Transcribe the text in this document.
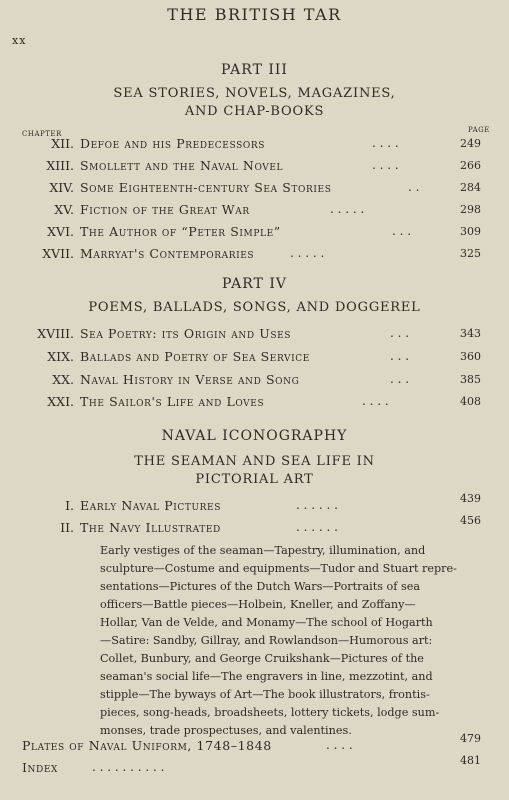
THE BRITISH TAR
xx
PART III
SEA STORIES, NOVELS, MAGAZINES,
AND CHAP-BOOKS
CHAPTER	PAGE
XII. Defoe and his Predecessors	. . . .	249
XIII. Smollett and the Naval Novel	. . . .	266
XIV. Some Eighteenth-century Sea Stories	. .	284
XV. Fiction of the Great War	. . . . .	298
XVI. The Author of “Peter Simple”	. . .	309
XVII. Marryat's Contemporaries	. . . . .	325
PART IV
POEMS, BALLADS, SONGS, AND DOGGEREL
XVIII. Sea Poetry: its Origin and Uses	. . .	343
XIX. Ballads and Poetry of Sea Service	. . .	360
XX. Naval History in Verse and Song	. . .	385
XXI. The Sailor's Life and Loves	. . . .	408
NAVAL ICONOGRAPHY
THE SEAMAN AND SEA LIFE IN
PICTORIAL ART
I. Early Naval Pictures	. . . . . .	439
II. The Navy Illustrated	. . . . . .	456
Early vestiges of the seaman—Tapestry, illumination, and
sculpture—Costume and equipments—Tudor and Stuart repre-
sentations—Pictures of the Dutch Wars—Portraits of sea
officers—Battle pieces—Holbein, Kneller, and Zoffany—
Hollar, Van de Velde, and Monamy—The school of Hogarth
—Satire: Sandby, Gillray, and Rowlandson—Humorous art:
Collet, Bunbury, and George Cruikshank—Pictures of the
seaman's social life—The engravers in line, mezzotint, and
stipple—The byways of Art—The book illustrators, frontis-
pieces, song-heads, broadsheets, lottery tickets, lodge sum-
monses, trade prospectuses, and valentines.
Plates of Naval Uniform, 1748–1848	. . . .	479
Index	. . . . . . . . . .	481
